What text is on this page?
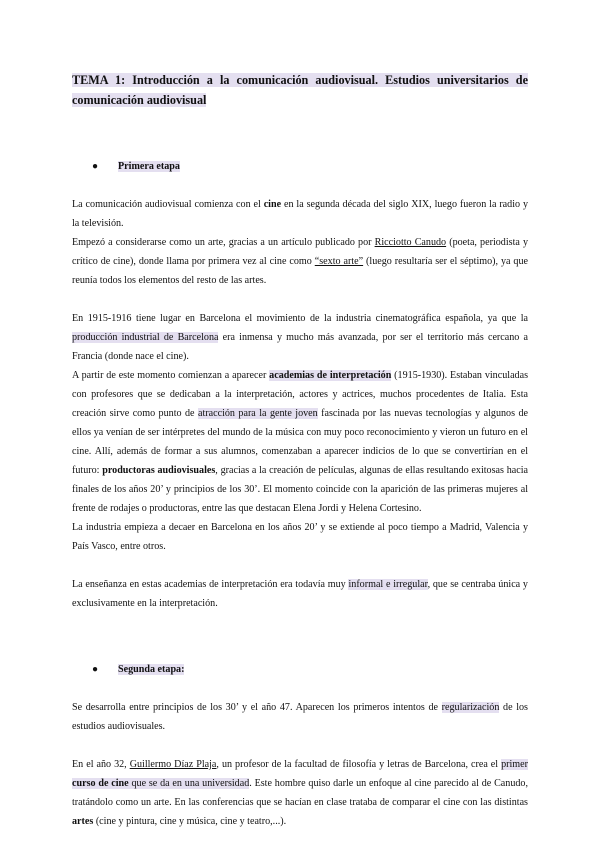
TEMA 1: Introducción a la comunicación audiovisual. Estudios universitarios de comunicación audiovisual
● Primera etapa

La comunicación audiovisual comienza con el cine en la segunda década del siglo XIX, luego fueron la radio y la televisión.

Empezó a considerarse como un arte, gracias a un artículo publicado por Ricciotto Canudo (poeta, periodista y crítico de cine), donde llama por primera vez al cine como “sexto arte” (luego resultaría ser el séptimo), ya que reunía todos los elementos del resto de las artes.

En 1915-1916 tiene lugar en Barcelona el movimiento de la industria cinematográfica española, ya que la producción industrial de Barcelona era inmensa y mucho más avanzada, por ser el territorio más cercano a Francia (donde nace el cine).

A partir de este momento comienzan a aparecer academias de interpretación (1915-1930). Estaban vinculadas con profesores que se dedicaban a la interpretación, actores y actrices, muchos procedentes de Italia. Esta creación sirve como punto de atracción para la gente joven fascinada por las nuevas tecnologías y algunos de ellos ya venían de ser intérpretes del mundo de la música con muy poco reconocimiento y vieron un futuro en el cine. Allí, además de formar a sus alumnos, comenzaban a aparecer indicios de lo que se convertirían en el futuro: productoras audiovisuales, gracias a la creación de películas, algunas de ellas resultando exitosas hacia finales de los años 20’ y principios de los 30’. El momento coincide con la aparición de las primeras mujeres al frente de rodajes o productoras, entre las que destacan Elena Jordi y Helena Cortesino.

La industria empieza a decaer en Barcelona en los años 20’ y se extiende al poco tiempo a Madrid, Valencia y País Vasco, entre otros.

La enseñanza en estas academias de interpretación era todavía muy informal e irregular, que se centraba única y exclusivamente en la interpretación.

● Segunda etapa:

Se desarrolla entre principios de los 30’ y el año 47. Aparecen los primeros intentos de regularización de los estudios audiovisuales.

En el año 32, Guillermo Díaz Plaja, un profesor de la facultad de filosofía y letras de Barcelona, crea el primer curso de cine que se da en una universidad. Este hombre quiso darle un enfoque al cine parecido al de Canudo, tratándolo como un arte. En las conferencias que se hacían en clase trataba de comparar el cine con las distintas artes (cine y pintura, cine y música, cine y teatro,...).
